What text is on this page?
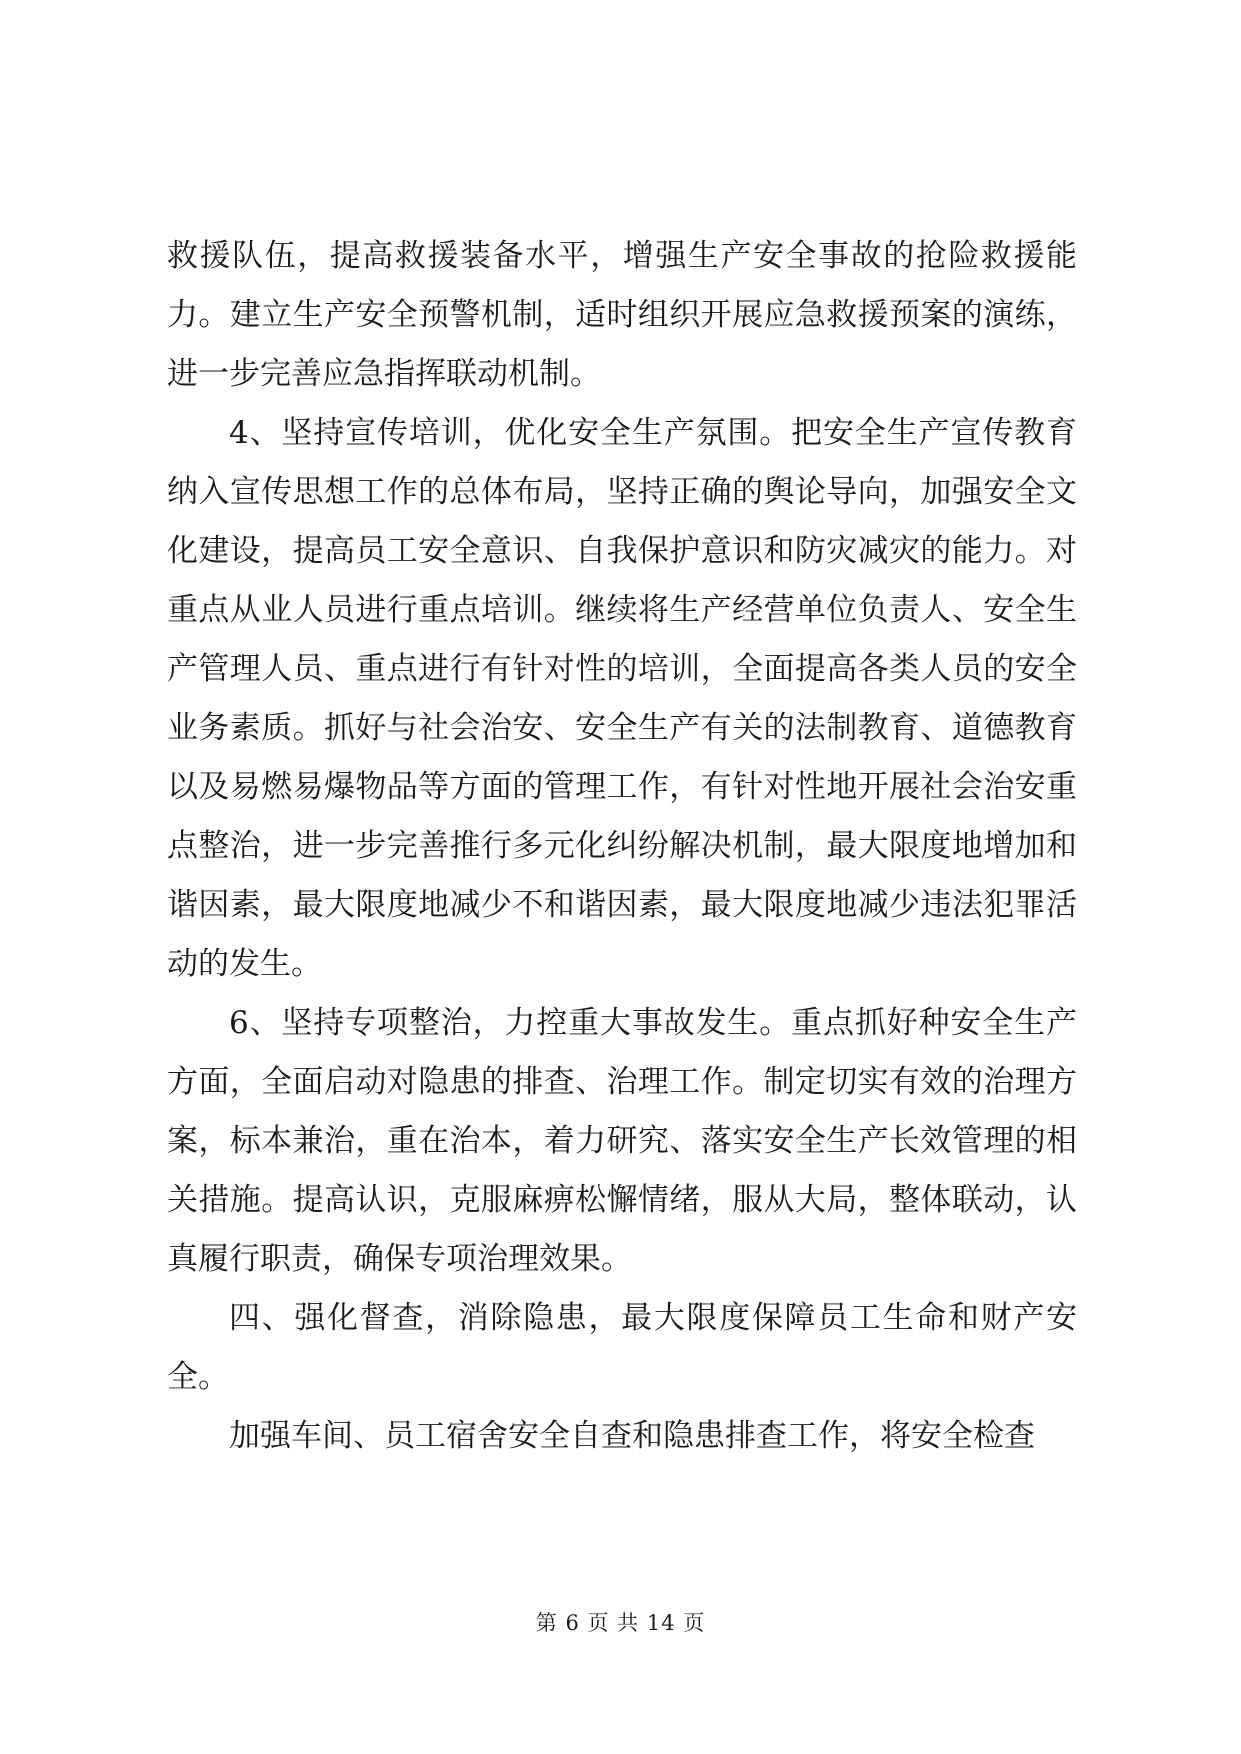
救援队伍，提高救援装备水平，增强生产安全事故的抢险救援能力。建立生产安全预警机制，适时组织开展应急救援预案的演练，进一步完善应急指挥联动机制。

4、坚持宣传培训，优化安全生产氛围。把安全生产宣传教育纳入宣传思想工作的总体布局，坚持正确的舆论导向，加强安全文化建设，提高员工安全意识、自我保护意识和防灾减灾的能力。对重点从业人员进行重点培训。继续将生产经营单位负责人、安全生产管理人员、重点进行有针对性的培训，全面提高各类人员的安全业务素质。抓好与社会治安、安全生产有关的法制教育、道德教育以及易燃易爆物品等方面的管理工作，有针对性地开展社会治安重点整治，进一步完善推行多元化纠纷解决机制，最大限度地增加和谐因素，最大限度地减少不和谐因素，最大限度地减少违法犯罪活动的发生。

6、坚持专项整治，力控重大事故发生。重点抓好种安全生产方面，全面启动对隐患的排查、治理工作。制定切实有效的治理方案，标本兼治，重在治本，着力研究、落实安全生产长效管理的相关措施。提高认识，克服麻痹松懈情绪，服从大局，整体联动，认真履行职责，确保专项治理效果。

四、强化督查，消除隐患，最大限度保障员工生命和财产安全。

加强车间、员工宿舍安全自查和隐患排查工作，将安全检查

第 6 页 共 14 页
